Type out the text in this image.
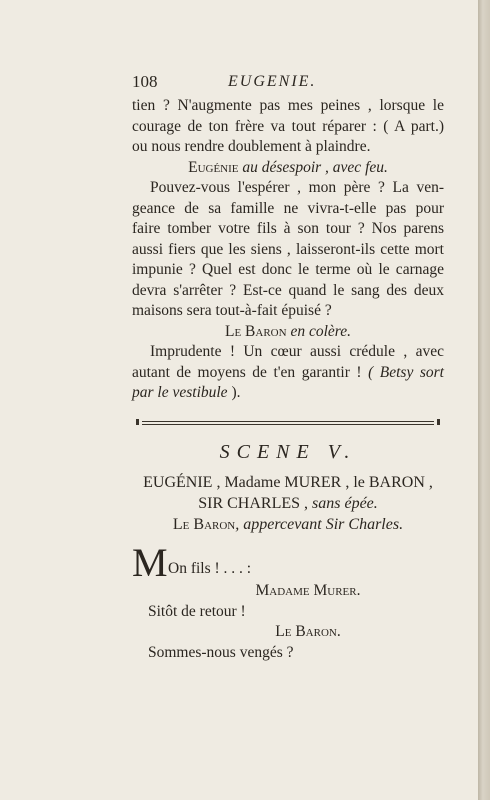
108	EUGENIE.
tien ? N'augmente pas mes peines , lorsque le
courage de ton frère va tout réparer : ( A part.)
ou nous rendre doublement à plaindre.
Eugénie au désespoir , avec feu.
Pouvez-vous l'espérer , mon père ? La ven-
geance de sa famille ne vivra-t-elle pas pour
faire tomber votre fils à son tour ? Nos parens
aussi fiers que les siens , laisseront-ils cette mort
impunie ? Quel est donc le terme où le carnage
devra s'arrêter ? Est-ce quand le sang des deux
maisons sera tout-à-fait épuisé ?
Le Baron en colère.
Imprudente ! Un cœur aussi crédule , avec
autant de moyens de t'en garantir ! ( Betsy sort
par le vestibule ).
SCENE V.
EUGÉNIE , Madame MURER , le BARON ,
SIR CHARLES , sans épée.
Le Baron, appercevant Sir Charles.
M On fils ! . . . :
Madame Murer.
Sitôt de retour !
Le Baron.
Sommes-nous vengés ?
